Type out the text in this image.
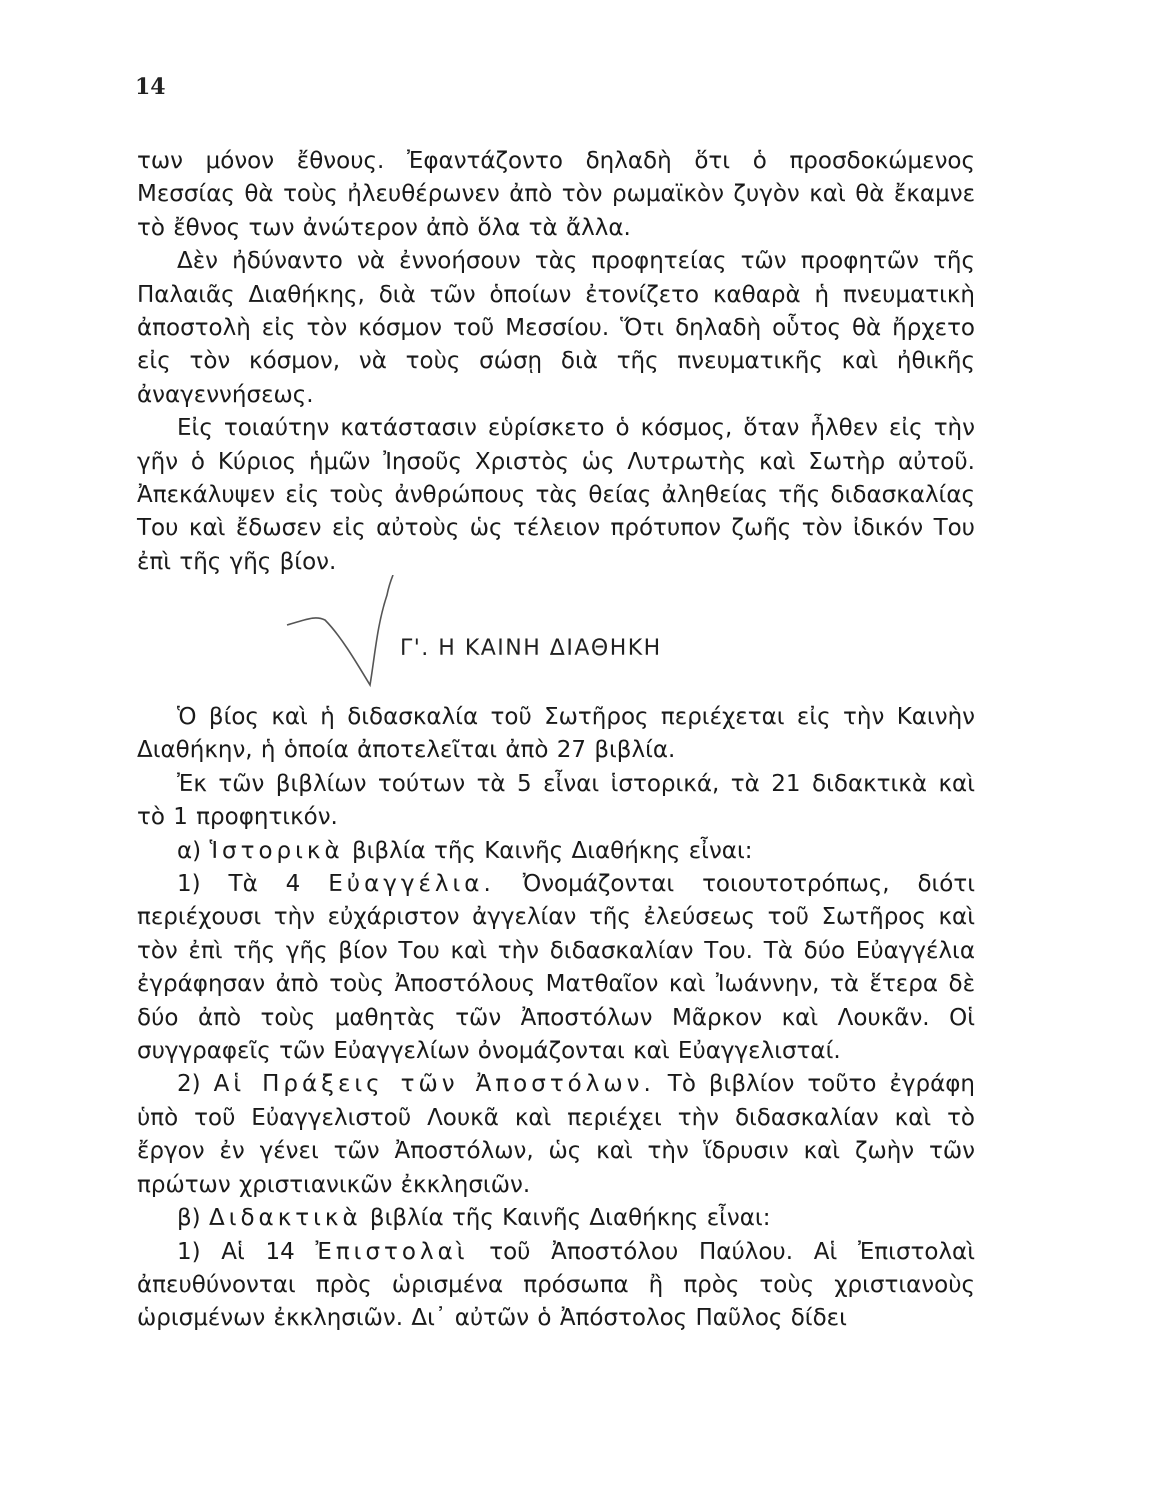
14

των μόνον ἔθνους. Ἐφαντάζοντο δηλαδὴ ὅτι ὁ προσδοκώμενος Μεσσίας θὰ τοὺς ἠλευθέρωνεν ἀπὸ τὸν ρωμαϊκὸν ζυγὸν καὶ θὰ ἔκαμνε τὸ ἔθνος των ἀνώτερον ἀπὸ ὅλα τὰ ἄλλα.

Δὲν ἠδύναντο νὰ ἐννοήσουν τὰς προφητείας τῶν προφητῶν τῆς Παλαιᾶς Διαθήκης, διὰ τῶν ὁποίων ἐτονίζετο καθαρὰ ἡ πνευματικὴ ἀποστολὴ εἰς τὸν κόσμον τοῦ Μεσσίου. Ὅτι δηλαδὴ οὗτος θὰ ἤρχετο εἰς τὸν κόσμον, νὰ τοὺς σώσῃ διὰ τῆς πνευματικῆς καὶ ἠθικῆς ἀναγεννήσεως.

Εἰς τοιαύτην κατάστασιν εὑρίσκετο ὁ κόσμος, ὅταν ἦλθεν εἰς τὴν γῆν ὁ Κύριος ἡμῶν Ἰησοῦς Χριστὸς ὡς Λυτρωτὴς καὶ Σωτὴρ αὐτοῦ. Ἀπεκάλυψεν εἰς τοὺς ἀνθρώπους τὰς θείας ἀληθείας τῆς διδασκαλίας Του καὶ ἔδωσεν εἰς αὐτοὺς ὡς τέλειον πρότυπον ζωῆς τὸν ἰδικόν Του ἐπὶ τῆς γῆς βίον.

Γ'. Η ΚΑΙΝΗ ΔΙΑΘΗΚΗ

Ὁ βίος καὶ ἡ διδασκαλία τοῦ Σωτῆρος περιέχεται εἰς τὴν Καινὴν Διαθήκην, ἡ ὁποία ἀποτελεῖται ἀπὸ 27 βιβλία.

Ἐκ τῶν βιβλίων τούτων τὰ 5 εἶναι ἱστορικά, τὰ 21 διδακτικὰ καὶ τὸ 1 προφητικόν.

α) Ἱστορικὰ βιβλία τῆς Καινῆς Διαθήκης εἶναι:

1) Τὰ 4 Εὐαγγέλια. Ὀνομάζονται τοιουτοτρόπως, διότι περιέχουσι τὴν εὐχάριστον ἀγγελίαν τῆς ἐλεύσεως τοῦ Σωτῆρος καὶ τὸν ἐπὶ τῆς γῆς βίον Του καὶ τὴν διδασκαλίαν Του. Τὰ δύο Εὐαγγέλια ἐγράφησαν ἀπὸ τοὺς Ἀποστόλους Ματθαῖον καὶ Ἰωάννην, τὰ ἕτερα δὲ δύο ἀπὸ τοὺς μαθητὰς τῶν Ἀποστόλων Μᾶρκον καὶ Λουκᾶν. Οἱ συγγραφεῖς τῶν Εὐαγγελίων ὀνομάζονται καὶ Εὐαγγελισταί.

2) Αἱ Πράξεις τῶν Ἀποστόλων. Τὸ βιβλίον τοῦτο ἐγράφη ὑπὸ τοῦ Εὐαγγελιστοῦ Λουκᾶ καὶ περιέχει τὴν διδασκαλίαν καὶ τὸ ἔργον ἐν γένει τῶν Ἀποστόλων, ὡς καὶ τὴν ἵδρυσιν καὶ ζωὴν τῶν πρώτων χριστιανικῶν ἐκκλησιῶν.

β) Διδακτικὰ βιβλία τῆς Καινῆς Διαθήκης εἶναι:

1) Αἱ 14 Ἐπιστολαὶ τοῦ Ἀποστόλου Παύλου. Αἱ Ἐπιστολαὶ ἀπευθύνονται πρὸς ὡρισμένα πρόσωπα ἢ πρὸς τοὺς χριστιανοὺς ὡρισμένων ἐκκλησιῶν. Δι᾽ αὐτῶν ὁ Ἀπόστολος Παῦλος δίδει
